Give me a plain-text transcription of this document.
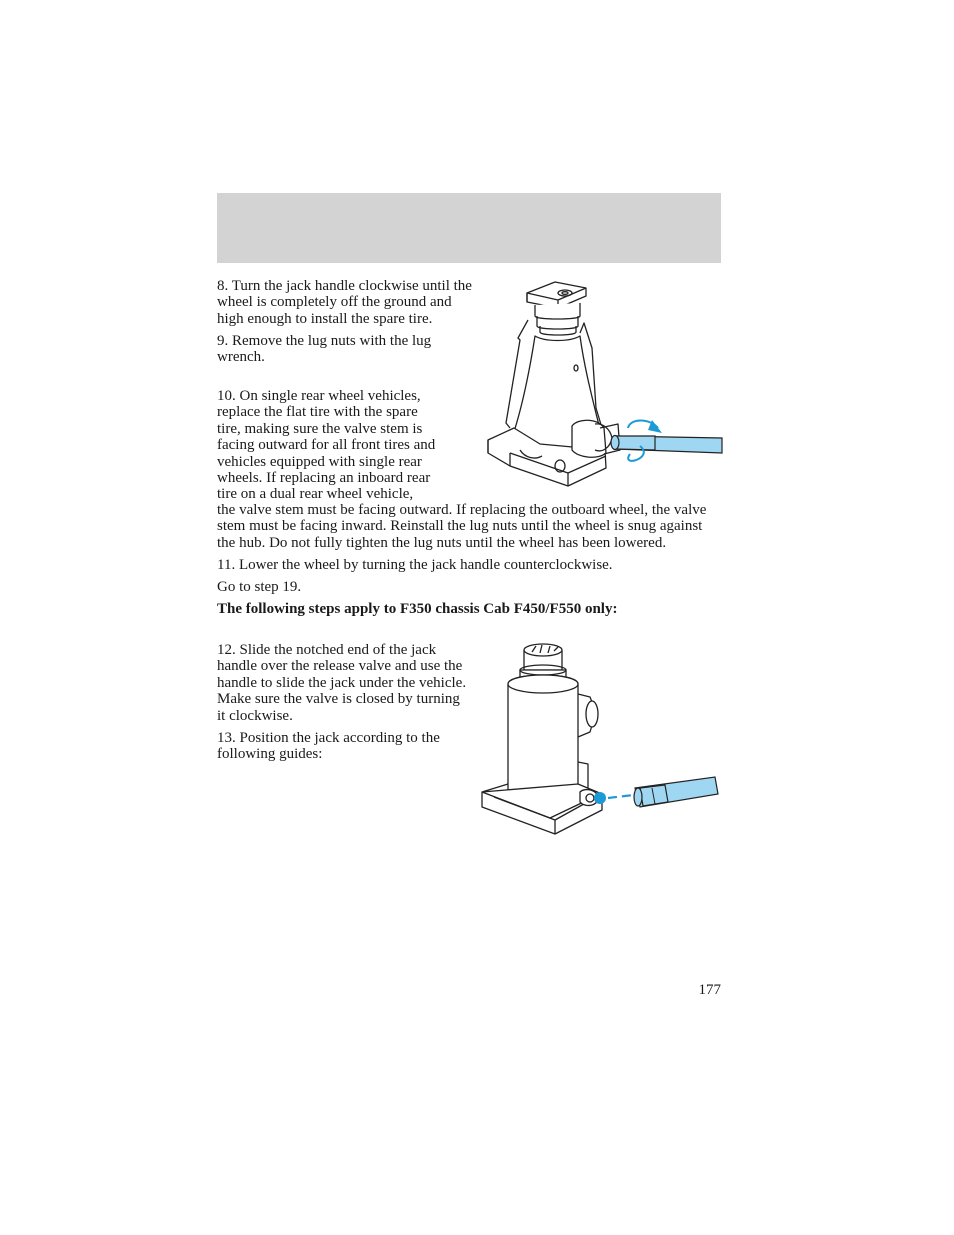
8. Turn the jack handle clockwise until the wheel is completely off the ground and high enough to install the spare tire.

9. Remove the lug nuts with the lug wrench.

10. On single rear wheel vehicles,
replace the flat tire with the spare
tire, making sure the valve stem is
facing outward for all front tires and
vehicles equipped with single rear
wheels. If replacing an inboard rear
tire on a dual rear wheel vehicle,

the valve stem must be facing outward. If replacing the outboard wheel, the valve stem must be facing inward. Reinstall the lug nuts until the wheel is snug against the hub. Do not fully tighten the lug nuts until the wheel has been lowered.

11. Lower the wheel by turning the jack handle counterclockwise.

Go to step 19.

The following steps apply to F350 chassis Cab F450/F550 only:

12. Slide the notched end of the jack handle over the release valve and use the handle to slide the jack under the vehicle. Make sure the valve is closed by turning it clockwise.

13. Position the jack according to the following guides:

177
